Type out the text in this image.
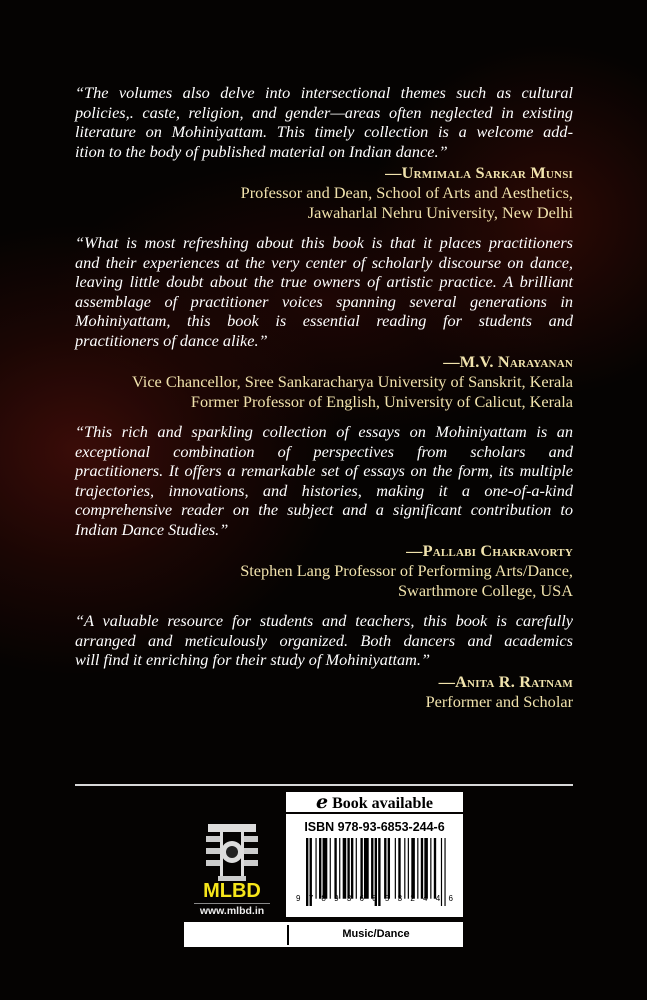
“The volumes also delve into intersectional themes such as cultural
policies,. caste, religion, and gender—areas often neglected in existing
literature on Mohiniyattam. This timely collection is a welcome add-
ition to the body of published material on Indian dance.”

—Urmimala Sarkar Munsi
Professor and Dean, School of Arts and Aesthetics,
Jawaharlal Nehru University, New Delhi

“What is most refreshing about this book is that it places practitioners
and their experiences at the very center of scholarly discourse on dance,
leaving little doubt about the true owners of artistic practice. A brilliant
assemblage of practitioner voices spanning several generations in
Mohiniyattam, this book is essential reading for students and
practitioners of dance alike.”

—M.V. Narayanan
Vice Chancellor, Sree Sankaracharya University of Sanskrit, Kerala
Former Professor of English, University of Calicut, Kerala

“This rich and sparkling collection of essays on Mohiniyattam is an
exceptional combination of perspectives from scholars and
practitioners. It offers a remarkable set of essays on the form, its multiple
trajectories, innovations, and histories, making it a one-of-a-kind
comprehensive reader on the subject and a significant contribution to
Indian Dance Studies.”

—Pallabi Chakravorty
Stephen Lang Professor of Performing Arts/Dance,
Swarthmore College, USA

“A valuable resource for students and teachers, this book is carefully
arranged and meticulously organized. Both dancers and academics
will find it enriching for their study of Mohiniyattam.”

—Anita R. Ratnam
Performer and Scholar
e Book available
ISBN 978-93-6853-244-6
9 7 8 9 3 6 8 5 3 2 4 4 6
MLBD
www.mlbd.in
Music/Dance
